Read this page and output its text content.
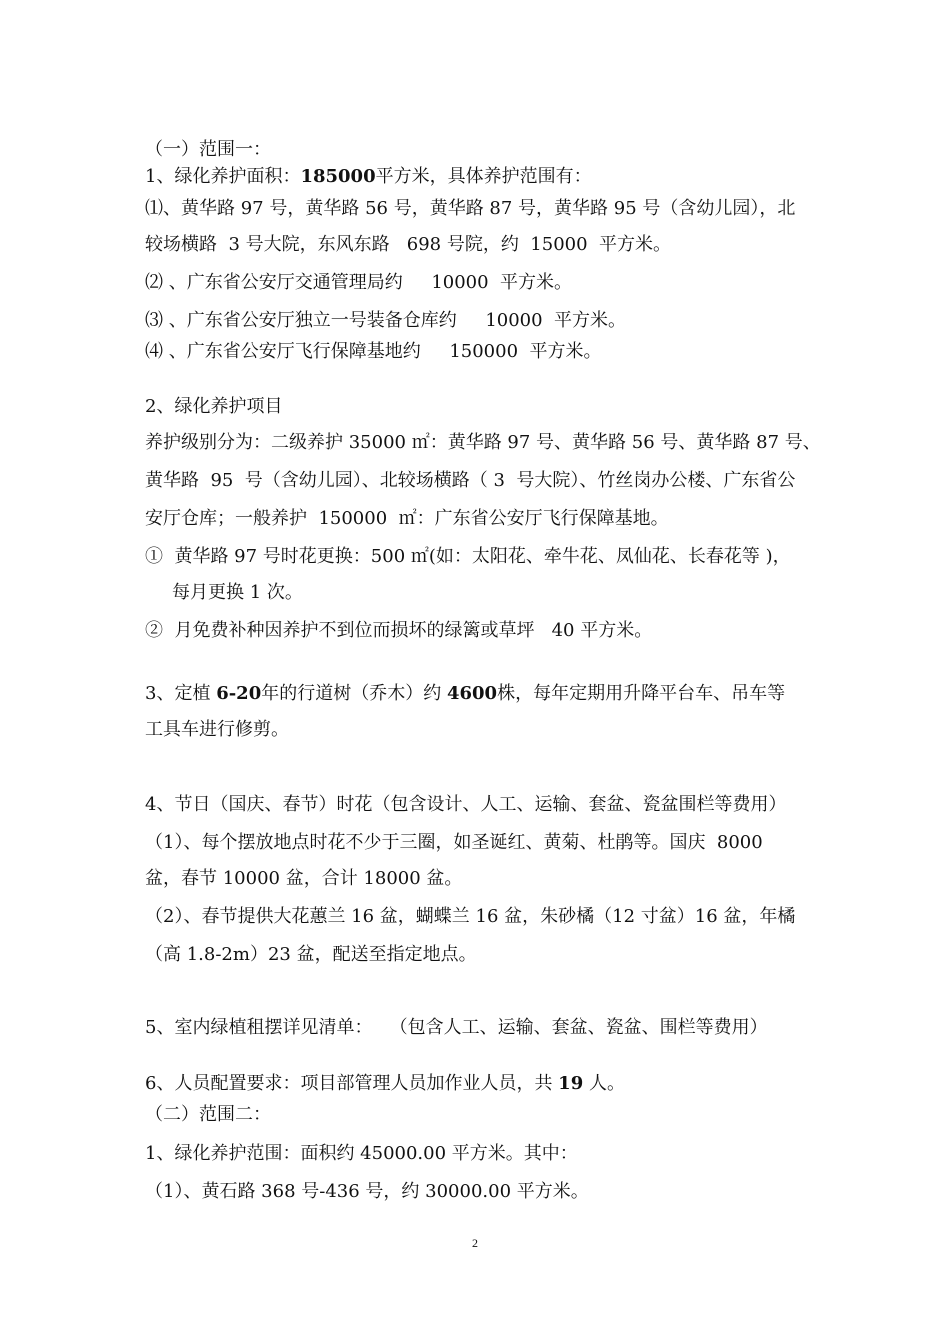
（一）范围一：
1、绿化养护面积：185000平方米，具体养护范围有：
⑴、黄华路 97 号，黄华路 56 号，黄华路 87 号，黄华路 95 号（含幼儿园），北
较场横路  3 号大院，东风东路   698 号院，约  15000  平方米。
⑵ 、广东省公安厅交通管理局约     10000  平方米。
⑶ 、广东省公安厅独立一号装备仓库约     10000  平方米。
⑷ 、广东省公安厅飞行保障基地约     150000  平方米。
2、绿化养护项目
养护级别分为：二级养护 35000 ㎡：黄华路 97 号、黄华路 56 号、黄华路 87 号、
黄华路  95  号（含幼儿园）、北较场横路（ 3  号大院）、竹丝岗办公楼、广东省公
安厅仓库；一般养护  150000  ㎡：广东省公安厅飞行保障基地。
①  黄华路 97 号时花更换：500 ㎡(如：太阳花、牵牛花、凤仙花、长春花等 )，
每月更换 1 次。
②  月免费补种因养护不到位而损坏的绿篱或草坪   40 平方米。
3、定植 6-20年的行道树（乔木）约 4600株，每年定期用升降平台车、吊车等
工具车进行修剪。
4、节日（国庆、春节）时花（包含设计、人工、运输、套盆、瓷盆围栏等费用）
（1）、每个摆放地点时花不少于三圈，如圣诞红、黄菊、杜鹃等。国庆  8000
盆，春节 10000 盆，合计 18000 盆。
（2）、春节提供大花蕙兰 16 盆，蝴蝶兰 16 盆，朱砂橘（12 寸盆）16 盆，年橘
（高 1.8-2m）23 盆，配送至指定地点。
5、室内绿植租摆详见清单：   （包含人工、运输、套盆、瓷盆、围栏等费用）
6、人员配置要求：项目部管理人员加作业人员，共 19 人。
（二）范围二：
1、绿化养护范围：面积约 45000.00 平方米。其中：
（1）、黄石路 368 号-436 号，约 30000.00 平方米。
2
